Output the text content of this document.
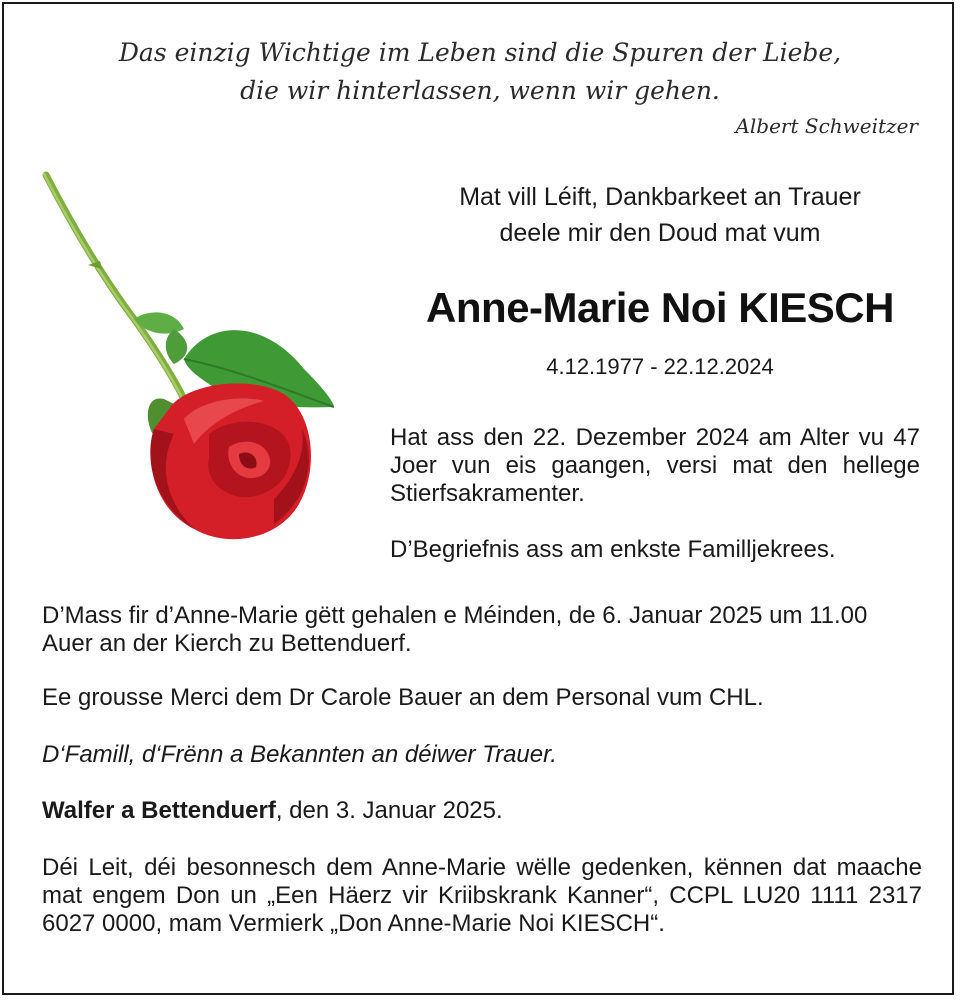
Das einzig Wichtige im Leben sind die Spuren der Liebe,
die wir hinterlassen, wenn wir gehen.
Albert Schweitzer
Mat vill Léift, Dankbarkeet an Trauer
deele mir den Doud mat vum
Anne-Marie Noi KIESCH
4.12.1977 - 22.12.2024
Hat ass den 22. Dezember 2024 am Alter vu 47 Joer vun eis gaangen, versi mat den hellege Stierfsakramenter.
D’Begriefnis ass am enkste Familljekrees.
D’Mass fir d’Anne-Marie gëtt gehalen e Méinden, de 6. Januar 2025 um 11.00 Auer an der Kierch zu Bettenduerf.
Ee grousse Merci dem Dr Carole Bauer an dem Personal vum CHL.
D‘Famill, d‘Frënn a Bekannten an déiwer Trauer.
Walfer a Bettenduerf, den 3. Januar 2025.
Déi Leit, déi besonnesch dem Anne-Marie wëlle gedenken, kënnen dat maache mat engem Don un „Een Häerz vir Kriibskrank Kanner“, CCPL LU20 1111 2317 6027 0000, mam Vermierk „Don Anne-Marie Noi KIESCH“.
